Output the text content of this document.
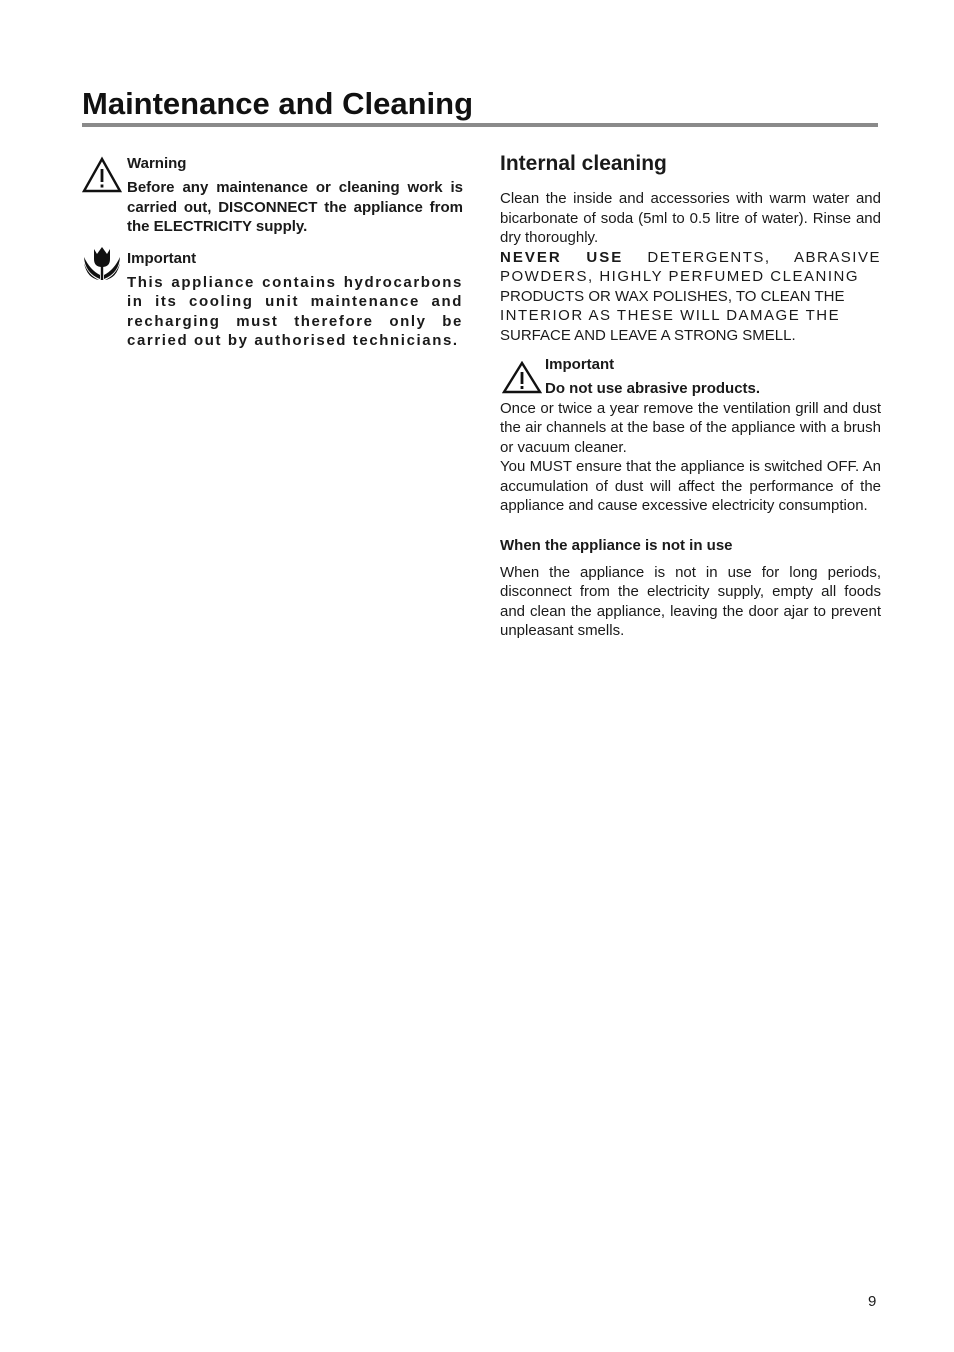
Maintenance and Cleaning

Warning

Before any maintenance or cleaning work is carried out, DISCONNECT the appliance from the ELECTRICITY supply.

Important

This appliance contains hydrocarbons in its cooling unit maintenance and recharging must therefore only be carried out by authorised technicians.

Internal cleaning

Clean the inside and accessories with warm water and bicarbonate of soda (5ml to 0.5 litre of water). Rinse and dry thoroughly.

NEVER USE DETERGENTS, ABRASIVE POWDERS, HIGHLY PERFUMED CLEANING
PRODUCTS OR WAX POLISHES, TO CLEAN THE
INTERIOR AS THESE WILL DAMAGE THE
SURFACE AND LEAVE A STRONG SMELL.

Important

Do not use abrasive products.

Once or twice a year remove the ventilation grill and dust the air channels at the base of the appliance with a brush or vacuum cleaner.

You MUST ensure that the appliance is switched OFF. An accumulation of dust will affect the performance of the appliance and cause excessive electricity consumption.

When the appliance is not in use

When the appliance is not in use for long periods, disconnect from the electricity supply, empty all foods and clean the appliance, leaving the door ajar to prevent unpleasant smells.

9
